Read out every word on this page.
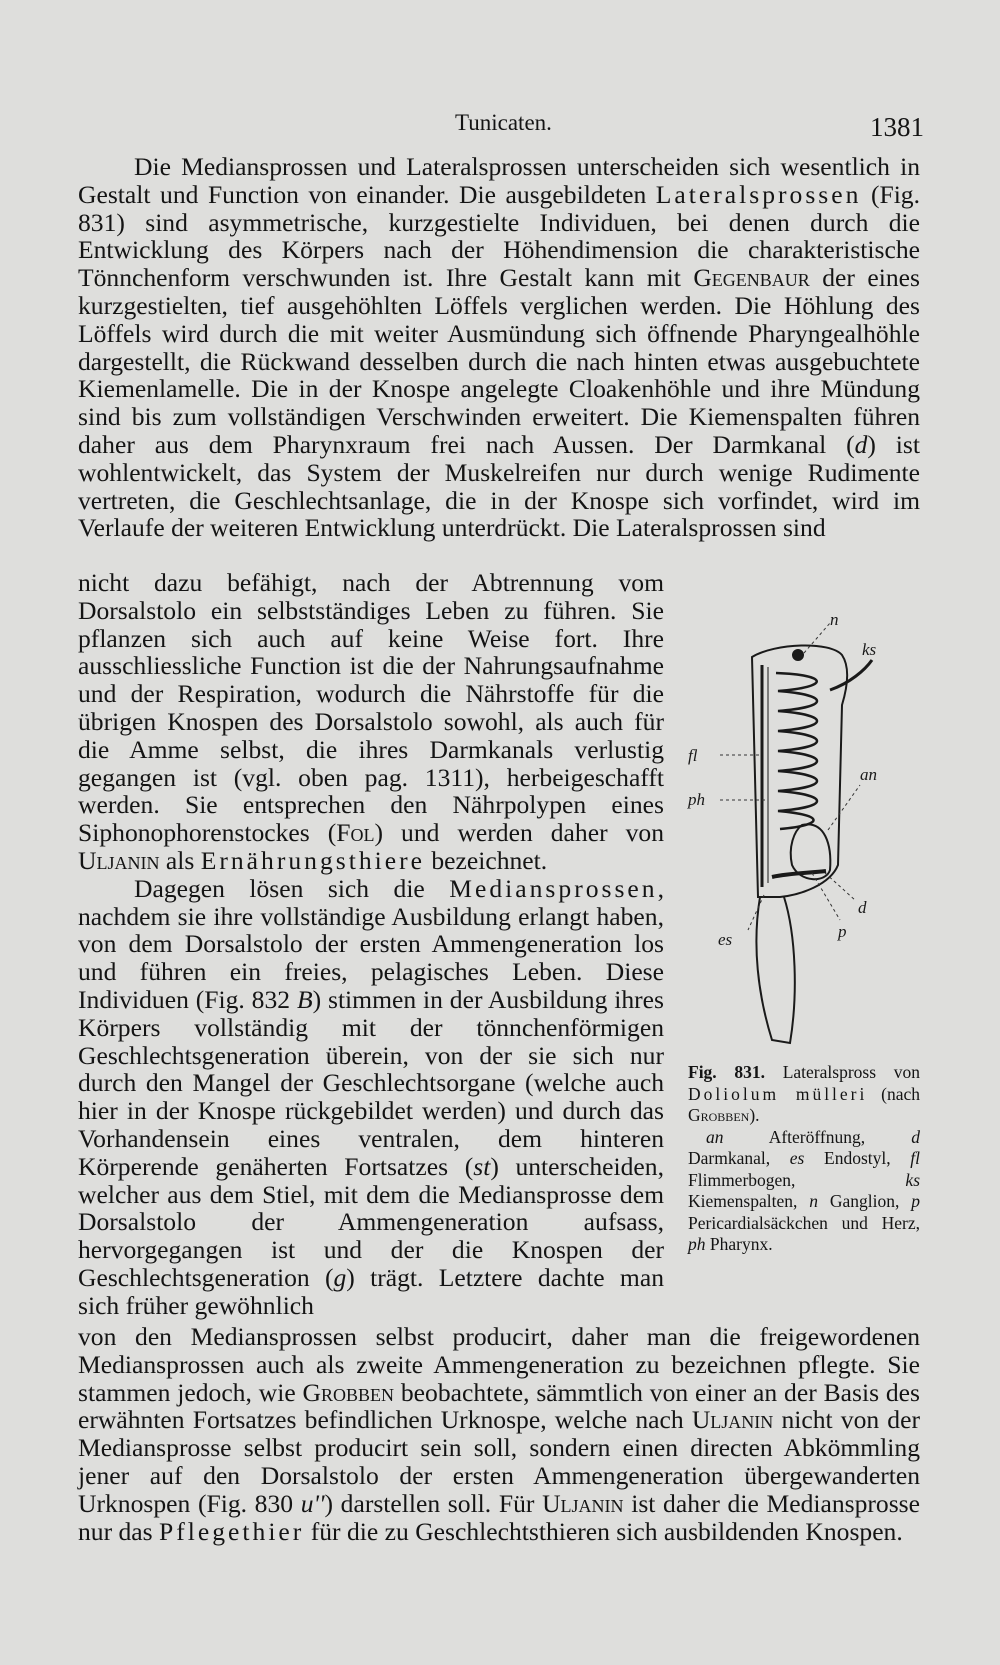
Tunicaten.	1381

Die Mediansprossen und Lateralsprossen unterscheiden sich wesentlich in Gestalt und Function von einander. Die ausgebildeten Lateralsprossen (Fig. 831) sind asymmetrische, kurzgestielte Individuen, bei denen durch die Entwicklung des Körpers nach der Höhendimension die charakteristische Tönnchenform verschwunden ist. Ihre Gestalt kann mit Gegenbaur der eines kurzgestielten, tief ausgehöhlten Löffels verglichen werden. Die Höhlung des Löffels wird durch die mit weiter Ausmündung sich öffnende Pharyngealhöhle dargestellt, die Rückwand desselben durch die nach hinten etwas ausgebuchtete Kiemenlamelle. Die in der Knospe angelegte Cloakenhöhle und ihre Mündung sind bis zum vollständigen Verschwinden erweitert. Die Kiemenspalten führen daher aus dem Pharynxraum frei nach Aussen. Der Darmkanal (d) ist wohlentwickelt, das System der Muskelreifen nur durch wenige Rudimente vertreten, die Geschlechtsanlage, die in der Knospe sich vorfindet, wird im Verlaufe der weiteren Entwicklung unterdrückt. Die Lateralsprossen sind

nicht dazu befähigt, nach der Abtrennung vom Dorsalstolo ein selbstständiges Leben zu führen. Sie pflanzen sich auch auf keine Weise fort. Ihre ausschliessliche Function ist die der Nahrungsaufnahme und der Respiration, wodurch die Nährstoffe für die übrigen Knospen des Dorsalstolo sowohl, als auch für die Amme selbst, die ihres Darmkanals verlustig gegangen ist (vgl. oben pag. 1311), herbeigeschafft werden. Sie entsprechen den Nährpolypen eines Siphonophorenstockes (Fol) und werden daher von Uljanin als Ernährungsthiere bezeichnet.

Dagegen lösen sich die Mediansprossen, nachdem sie ihre vollständige Ausbildung erlangt haben, von dem Dorsalstolo der ersten Ammengeneration los und führen ein freies, pelagisches Leben. Diese Individuen (Fig. 832 B) stimmen in der Ausbildung ihres Körpers vollständig mit der tönnchenförmigen Geschlechtsgeneration überein, von der sie sich nur durch den Mangel der Geschlechtsorgane (welche auch hier in der Knospe rückgebildet werden) und durch das Vorhandensein eines ventralen, dem hinteren Körperende genäherten Fortsatzes (st) unterscheiden, welcher aus dem Stiel, mit dem die Mediansprosse dem Dorsalstolo der Ammengeneration aufsass, hervorgegangen ist und der die Knospen der Geschlechtsgeneration (g) trägt. Letztere dachte man sich früher gewöhnlich

n
ks
fl
ph
an
d
es	p

Fig. 831. Lateralspross von Doliolum mülleri (nach Grobben).

an Afteröffnung, d Darmkanal, es Endostyl, fl Flimmerbogen, ks Kiemenspalten, n Ganglion, p Pericardialsäckchen und Herz, ph Pharynx.

von den Mediansprossen selbst producirt, daher man die freigewordenen Mediansprossen auch als zweite Ammengeneration zu bezeichnen pflegte. Sie stammen jedoch, wie Grobben beobachtete, sämmtlich von einer an der Basis des erwähnten Fortsatzes befindlichen Urknospe, welche nach Uljanin nicht von der Mediansprosse selbst producirt sein soll, sondern einen directen Abkömmling jener auf den Dorsalstolo der ersten Ammengeneration übergewanderten Urknospen (Fig. 830 u'') darstellen soll. Für Uljanin ist daher die Mediansprosse nur das Pflegethier für die zu Geschlechtsthieren sich ausbildenden Knospen.
